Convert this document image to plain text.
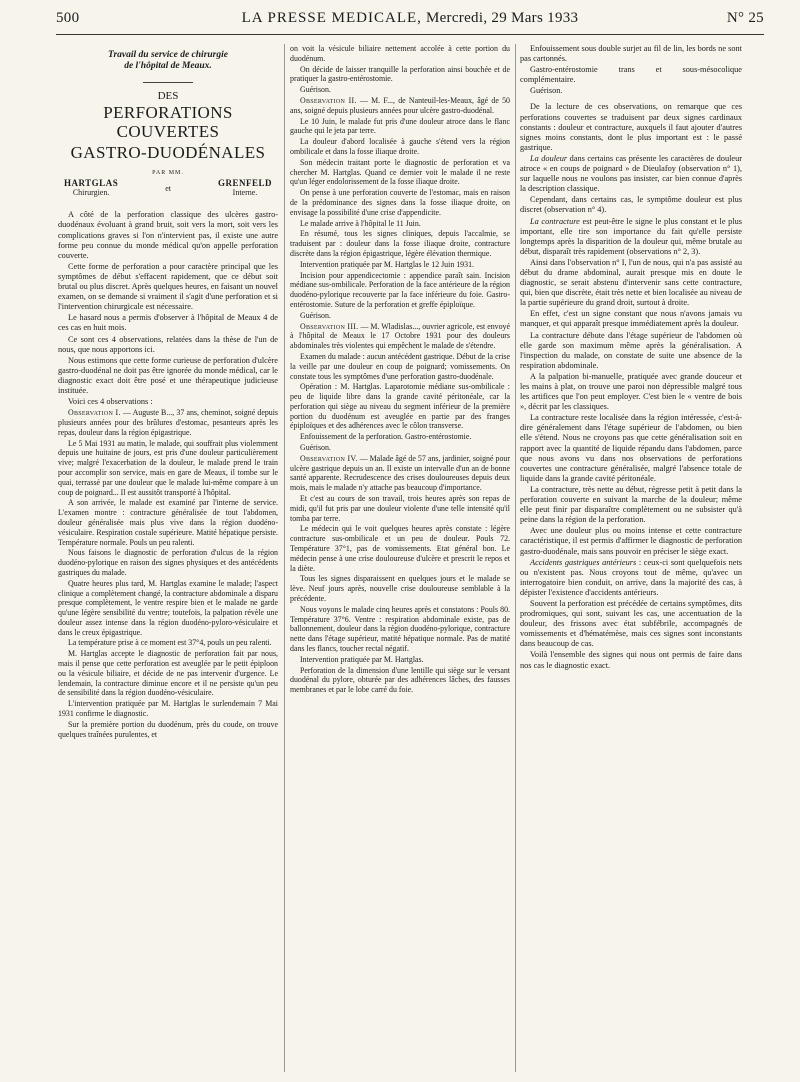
500	LA PRESSE MEDICALE, Mercredi, 29 Mars 1933	N° 25
Travail du service de chirurgie
de l'hôpital de Meaux.
DES
PERFORATIONS COUVERTES
GASTRO-DUODÉNALES
PAR MM.
HARTGLAS
Chirurgien.	et
GRENFELD
Interne.

A côté de la perforation classique des ulcères gastro-duodénaux évoluant à grand bruit, soit vers la mort, soit vers les complications graves si l'on n'intervient pas, il existe une autre forme peu connue du monde médical qu'on appelle perforation couverte.

Cette forme de perforation a pour caractère principal que les symptômes de début s'effacent rapidement, que ce début soit brutal ou plus discret. Après quelques heures, en faisant un nouvel examen, on se demande si vraiment il s'agit d'une perforation et si l'intervention chirurgicale est nécessaire.

Le hasard nous a permis d'observer à l'hôpital de Meaux 4 de ces cas en huit mois.

Ce sont ces 4 observations, relatées dans la thèse de l'un de nous, que nous apportons ici.

Nous estimons que cette forme curieuse de perforation d'ulcère gastro-duodénal ne doit pas être ignorée du monde médical, car le diagnostic exact doit être posé et une thérapeutique judicieuse instituée.

Voici ces 4 observations :

Observation I. — Auguste B..., 37 ans, cheminot, soigné depuis plusieurs années pour des brûlures d'estomac, pesanteurs après les repas, douleur dans la région épigastrique.

Le 5 Mai 1931 au matin, le malade, qui souffrait plus violemment depuis une huitaine de jours, est pris d'une douleur particulièrement vive; malgré l'exacerbation de la douleur, le malade prend le train pour accomplir son service, mais en gare de Meaux, il tombe sur le quai, terrassé par une douleur que le malade lui-même compare à un coup de poignard... Il est aussitôt transporté à l'hôpital.

A son arrivée, le malade est examiné par l'interne de service. L'examen montre : contracture généralisée de tout l'abdomen, douleur généralisée mais plus vive dans la région duodéno-vésiculaire. Respiration costale supérieure. Matité hépatique persiste. Température normale. Pouls un peu ralenti.

Nous faisons le diagnostic de perforation d'ulcus de la région duodéno-pylorique en raison des signes physiques et des antécédents gastriques du malade.

Quatre heures plus tard, M. Hartglas examine le malade; l'aspect clinique a complètement changé, la contracture abdominale a disparu presque complètement, le ventre respire bien et le malade ne garde qu'une légère sensibilité du ventre; toutefois, la palpation révèle une douleur assez intense dans la région duodéno-pyloro-vésiculaire et dans le creux épigastrique.

La température prise à ce moment est 37°4, pouls un peu ralenti.

M. Hartglas accepte le diagnostic de perforation fait par nous, mais il pense que cette perforation est aveuglée par le petit épiploon ou la vésicule biliaire, et décide de ne pas intervenir d'urgence. Le lendemain, la contracture diminue encore et il ne persiste qu'un peu de sensibilité dans la région duodéno-vésiculaire.

L'intervention pratiquée par M. Hartglas le surlendemain 7 Mai 1931 confirme le diagnostic.

Sur la première portion du duodénum, près du coude, on trouve quelques traînées purulentes, et

on voit la vésicule biliaire nettement accolée à cette portion du duodénum.

On décide de laisser tranquille la perforation ainsi bouchée et de pratiquer la gastro-entérostomie.

Guérison.

Observation II. — M. F..., de Nanteuil-les-Meaux, âgé de 50 ans, soigné depuis plusieurs années pour ulcère gastro-duodénal.

Le 10 Juin, le malade fut pris d'une douleur atroce dans le flanc gauche qui le jeta par terre.

La douleur d'abord localisée à gauche s'étend vers la région ombilicale et dans la fosse iliaque droite.

Son médecin traitant porte le diagnostic de perforation et va chercher M. Hartglas. Quand ce dernier voit le malade il ne reste qu'un léger endolorissement de la fosse iliaque droite.

On pense à une perforation couverte de l'estomac, mais en raison de la prédominance des signes dans la fosse iliaque droite, on envisage la possibilité d'une crise d'appendicite.

Le malade arrive à l'hôpital le 11 Juin.

En résumé, tous les signes cliniques, depuis l'accalmie, se traduisent par : douleur dans la fosse iliaque droite, contracture discrète dans la région épigastrique, légère élévation thermique.

Intervention pratiquée par M. Hartglas le 12 Juin 1931.

Incision pour appendicectomie : appendice paraît sain. Incision médiane sus-ombilicale. Perforation de la face antérieure de la région duodéno-pylorique recouverte par la face inférieure du foie. Gastro-entérostomie. Suture de la perforation et greffe épiploïque.

Guérison.

Observation III. — M. Wladislas..., ouvrier agricole, est envoyé à l'hôpital de Meaux le 17 Octobre 1931 pour des douleurs abdominales très violentes qui empêchent le malade de s'étendre.

Examen du malade : aucun antécédent gastrique. Début de la crise la veille par une douleur en coup de poignard; vomissements. On constate tous les symptômes d'une perforation gastro-duodénale.

Opération : M. Hartglas. Laparotomie médiane sus-ombilicale : peu de liquide libre dans la grande cavité péritonéale, car la perforation qui siège au niveau du segment inférieur de la première portion du duodénum est aveuglée en partie par des franges épiploïques et des adhérences avec le côlon transverse.

Enfouissement de la perforation. Gastro-entérostomie.

Guérison.

Observation IV. — Malade âgé de 57 ans, jardinier, soigné pour ulcère gastrique depuis un an. Il existe un intervalle d'un an de bonne santé apparente. Recrudescence des crises douloureuses depuis deux mois, mais le malade n'y attache pas beaucoup d'importance.

Et c'est au cours de son travail, trois heures après son repas de midi, qu'il fut pris par une douleur violente d'une telle intensité qu'il tomba par terre.

Le médecin qui le voit quelques heures après constate : légère contracture sus-ombilicale et un peu de douleur. Pouls 72. Température 37°1, pas de vomissements. Etat général bon. Le médecin pense à une crise douloureuse d'ulcère et prescrit le repos et la diète.

Tous les signes disparaissent en quelques jours et le malade se lève. Neuf jours après, nouvelle crise douloureuse semblable à la précédente.

Nous voyons le malade cinq heures après et constatons : Pouls 80. Température 37°6. Ventre : respiration abdominale existe, pas de ballonnement, douleur dans la région duodéno-pylorique, contracture nette dans l'étage supérieur, matité hépatique normale. Pas de matité dans les flancs, toucher rectal négatif.

Intervention pratiquée par M. Hartglas.

Perforation de la dimension d'une lentille qui siège sur le versant duodénal du pylore, obturée par des adhérences lâches, des fausses membranes et par le lobe carré du foie.

Enfouissement sous double surjet au fil de lin, les bords ne sont pas cartonnés.

Gastro-entérostomie trans et sous-mésocolique complémentaire.

Guérison.

De la lecture de ces observations, on remarque que ces perforations couvertes se traduisent par deux signes cardinaux constants : douleur et contracture, auxquels il faut ajouter d'autres signes moins constants, dont le plus important est : le passé gastrique.

La douleur dans certains cas présente les caractères de douleur atroce « en coups de poignard » de Dieulafoy (observation n° 1), sur laquelle nous ne voulons pas insister, car bien connue d'après la description classique.

Cependant, dans certains cas, le symptôme douleur est plus discret (observation n° 4).

La contracture est peut-être le signe le plus constant et le plus important, elle tire son importance du fait qu'elle persiste longtemps après la disparition de la douleur qui, même brutale au début, disparaît très rapidement (observations n° 2, 3).

Ainsi dans l'observation n° I, l'un de nous, qui n'a pas assisté au début du drame abdominal, aurait presque mis en doute le diagnostic, se serait abstenu d'intervenir sans cette contracture, qui, bien que discrète, était très nette et bien localisée au niveau de la partie supérieure du grand droit, surtout à droite.

En effet, c'est un signe constant que nous n'avons jamais vu manquer, et qui apparaît presque immédiatement après la douleur.

La contracture débute dans l'étage supérieur de l'abdomen où elle garde son maximum même après la généralisation. A l'inspection du malade, on constate de suite une absence de la respiration abdominale.

A la palpation bi-manuelle, pratiquée avec grande douceur et les mains à plat, on trouve une paroi non dépressible malgré tous les artifices que l'on peut employer. C'est bien le « ventre de bois », décrit par les classiques.

La contracture reste localisée dans la région intéressée, c'est-à-dire généralement dans l'étage supérieur de l'abdomen, ou bien elle s'étend. Nous ne croyons pas que cette généralisation soit en rapport avec la quantité de liquide répandu dans l'abdomen, parce que nous avons vu dans nos observations de perforations couvertes une contracture généralisée, malgré l'absence totale de liquide dans la grande cavité péritonéale.

La contracture, très nette au début, régresse petit à petit dans la perforation couverte en suivant la marche de la douleur; même elle peut finir par disparaître complètement ou ne subsister qu'à peine dans la région de la perforation.

Avec une douleur plus ou moins intense et cette contracture caractéristique, il est permis d'affirmer le diagnostic de perforation gastro-duodénale, mais sans pouvoir en préciser le siège exact.

Accidents gastriques antérieurs : ceux-ci sont quelquefois nets ou n'existent pas. Nous croyons tout de même, qu'avec un interrogatoire bien conduit, on arrive, dans la majorité des cas, à dépister l'existence d'accidents antérieurs.

Souvent la perforation est précédée de certains symptômes, dits prodromiques, qui sont, suivant les cas, une accentuation de la douleur, des frissons avec état subfébrile, accompagnés de vomissements et d'hématémèse, mais ces signes sont inconstants dans beaucoup de cas.

Voilà l'ensemble des signes qui nous ont permis de faire dans nos cas le diagnostic exact.
